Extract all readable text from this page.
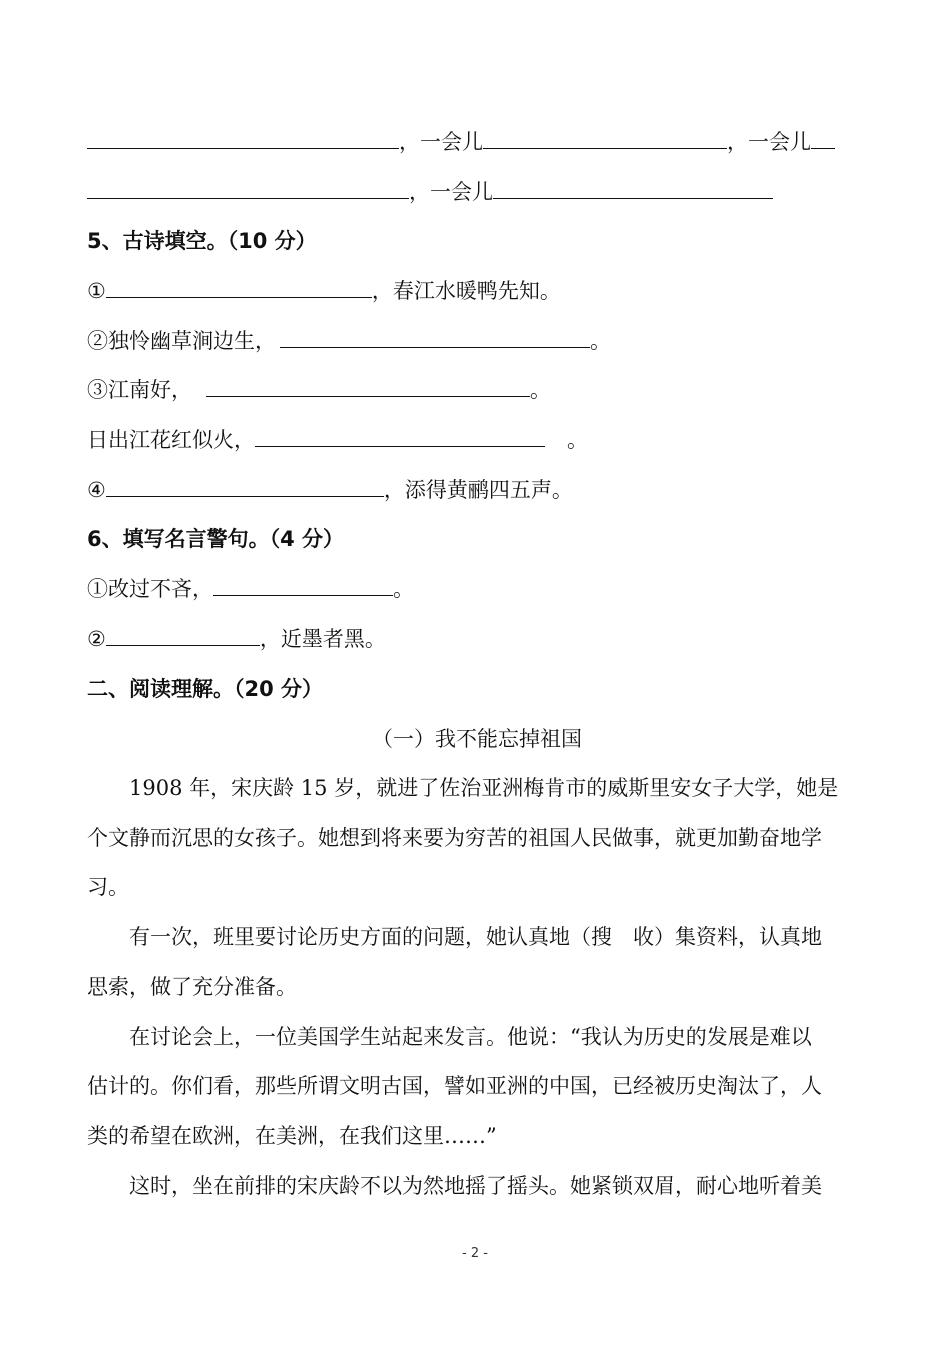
，一会儿	，一会儿
，一会儿
5、古诗填空。（10 分）
①	，春江水暖鸭先知。
②独怜幽草涧边生，	。
③江南好，	。
日出江花红似火，	。
④	，添得黄鹂四五声。
6、填写名言警句。（4 分）
①改过不吝，	。
②	，近墨者黑。
二、阅读理解。（20 分）
（一）我不能忘掉祖国
1908 年，宋庆龄 15 岁，就进了佐治亚洲梅肯市的威斯里安女子大学，她是
个文静而沉思的女孩子。她想到将来要为穷苦的祖国人民做事，就更加勤奋地学
习。
有一次，班里要讨论历史方面的问题，她认真地（搜　收）集资料，认真地
思索，做了充分准备。
在讨论会上，一位美国学生站起来发言。他说：“我认为历史的发展是难以
估计的。你们看，那些所谓文明古国，譬如亚洲的中国，已经被历史淘汰了，人
类的希望在欧洲，在美洲，在我们这里……”
这时，坐在前排的宋庆龄不以为然地摇了摇头。她紧锁双眉，耐心地听着美
- 2 -
